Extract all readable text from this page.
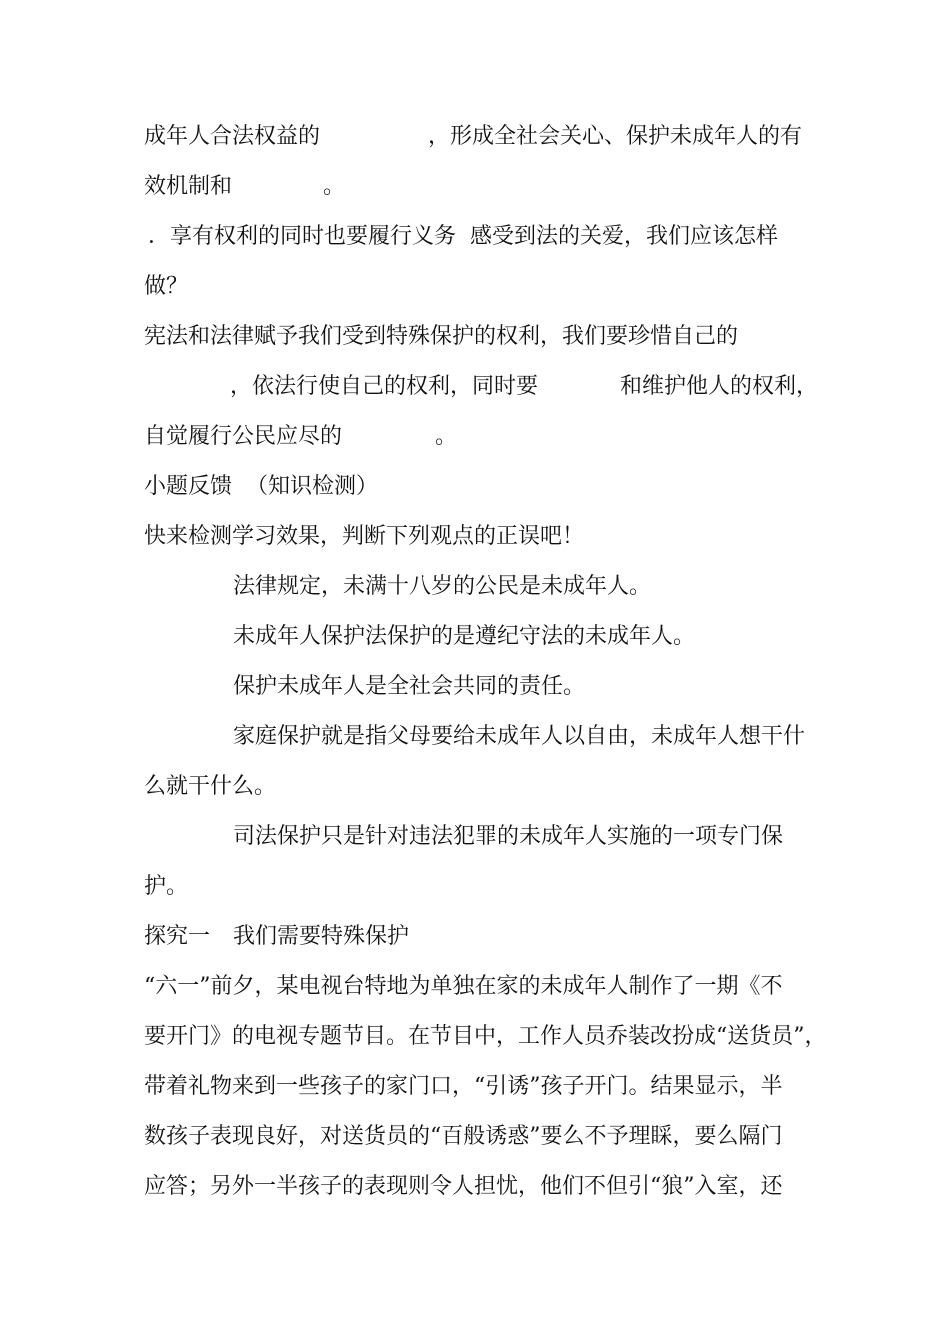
成年人合法权益的

	，形成全社会关心、保护未成年人的有

效机制和

	。

．享有权利的同时也要履行义务  感受到法的关爱，我们应该怎样

做？

宪法和法律赋予我们受到特殊保护的权利，我们要珍惜自己的

，依法行使自己的权利，同时要

	和维护他人的权利，

自觉履行公民应尽的

	。

小题反馈  （知识检测）

快来检测学习效果，判断下列观点的正误吧！

法律规定，未满十八岁的公民是未成年人。

未成年人保护法保护的是遵纪守法的未成年人。

保护未成年人是全社会共同的责任。

家庭保护就是指父母要给未成年人以自由，未成年人想干什

么就干什么。

司法保护只是针对违法犯罪的未成年人实施的一项专门保

护。

探究一

我们需要特殊保护

“六一”前夕，某电视台特地为单独在家的未成年人制作了一期《不

要开门》的电视专题节目。在节目中，工作人员乔装改扮成“送货员”，

带着礼物来到一些孩子的家门口，“引诱”孩子开门。结果显示，半

数孩子表现良好，对送货员的“百般诱惑”要么不予理睬，要么隔门

应答；另外一半孩子的表现则令人担忧，他们不但引“狼”入室，还
